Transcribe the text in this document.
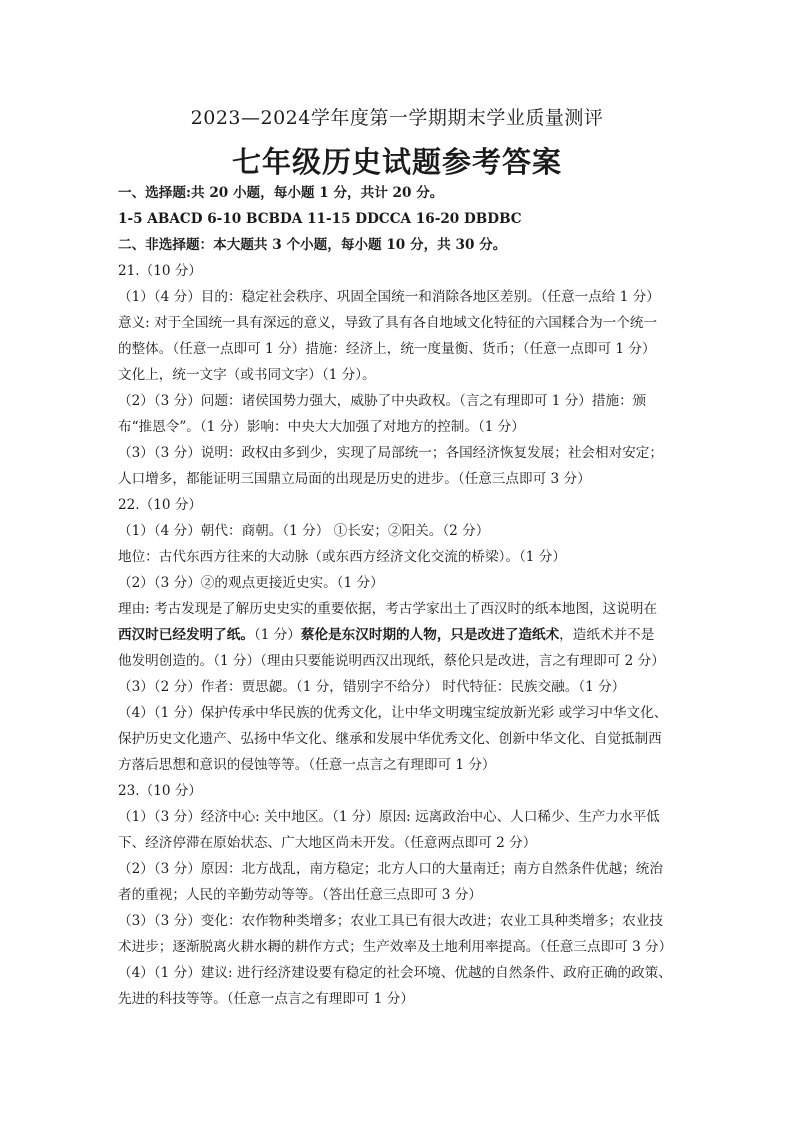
2023—2024学年度第一学期期末学业质量测评
七年级历史试题参考答案
一、选择题:共 20 小题，每小题 1 分，共计 20 分。
1-5 ABACD 6-10 BCBDA 11-15 DDCCA 16-20 DBDBC
二、非选择题：本大题共 3 个小题，每小题 10 分，共 30 分。
21.（10 分）
（1）（4 分）目的：稳定社会秩序、巩固全国统一和消除各地区差别。（任意一点给 1 分）
意义: 对于全国统一具有深远的意义，导致了具有各自地域文化特征的六国糅合为一个统一
的整体。（任意一点即可 1 分）措施：经济上，统一度量衡、货币；（任意一点即可 1 分）
文化上，统一文字（或书同文字）（1 分）。
（2）（3 分）问题：诸侯国势力强大，威胁了中央政权。（言之有理即可 1 分）措施：颁
布“推恩令”。（1 分）影响：中央大大加强了对地方的控制。（1 分）
（3）（3 分）说明：政权由多到少，实现了局部统一；各国经济恢复发展；社会相对安定；
人口增多，都能证明三国鼎立局面的出现是历史的进步。（任意三点即可 3 分）
22.（10 分）
（1）（4 分）朝代：商朝。（1 分） ①长安；②阳关。（2 分）
地位：古代东西方往来的大动脉（或东西方经济文化交流的桥梁）。（1 分）
（2）（3 分）②的观点更接近史实。（1 分）
理由: 考古发现是了解历史史实的重要依据，考古学家出土了西汉时的纸本地图，这说明在
西汉时已经发明了纸。（1 分）蔡伦是东汉时期的人物，只是改进了造纸术，造纸术并不是
他发明创造的。（1 分）（理由只要能说明西汉出现纸，蔡伦只是改进，言之有理即可 2 分）
（3）（2 分）作者：贾思勰。（1 分，错别字不给分） 时代特征：民族交融。（1 分）
（4）（1 分）保护传承中华民族的优秀文化，让中华文明瑰宝绽放新光彩 或学习中华文化、
保护历史文化遗产、弘扬中华文化、继承和发展中华优秀文化、创新中华文化、自觉抵制西
方落后思想和意识的侵蚀等等。（任意一点言之有理即可 1 分）
23.（10 分）
（1）（3 分）经济中心: 关中地区。（1 分）原因: 远离政治中心、人口稀少、生产力水平低
下、经济停滞在原始状态、广大地区尚未开发。（任意两点即可 2 分）
（2）（3 分）原因：北方战乱，南方稳定；北方人口的大量南迁；南方自然条件优越；统治
者的重视；人民的辛勤劳动等等。（答出任意三点即可 3 分）
（3）（3 分）变化：农作物种类增多；农业工具已有很大改进；农业工具种类增多；农业技
术进步；逐渐脱离火耕水耨的耕作方式；生产效率及土地利用率提高。（任意三点即可 3 分）
（4）（1 分）建议: 进行经济建设要有稳定的社会环境、优越的自然条件、政府正确的政策、
先进的科技等等。（任意一点言之有理即可 1 分）
